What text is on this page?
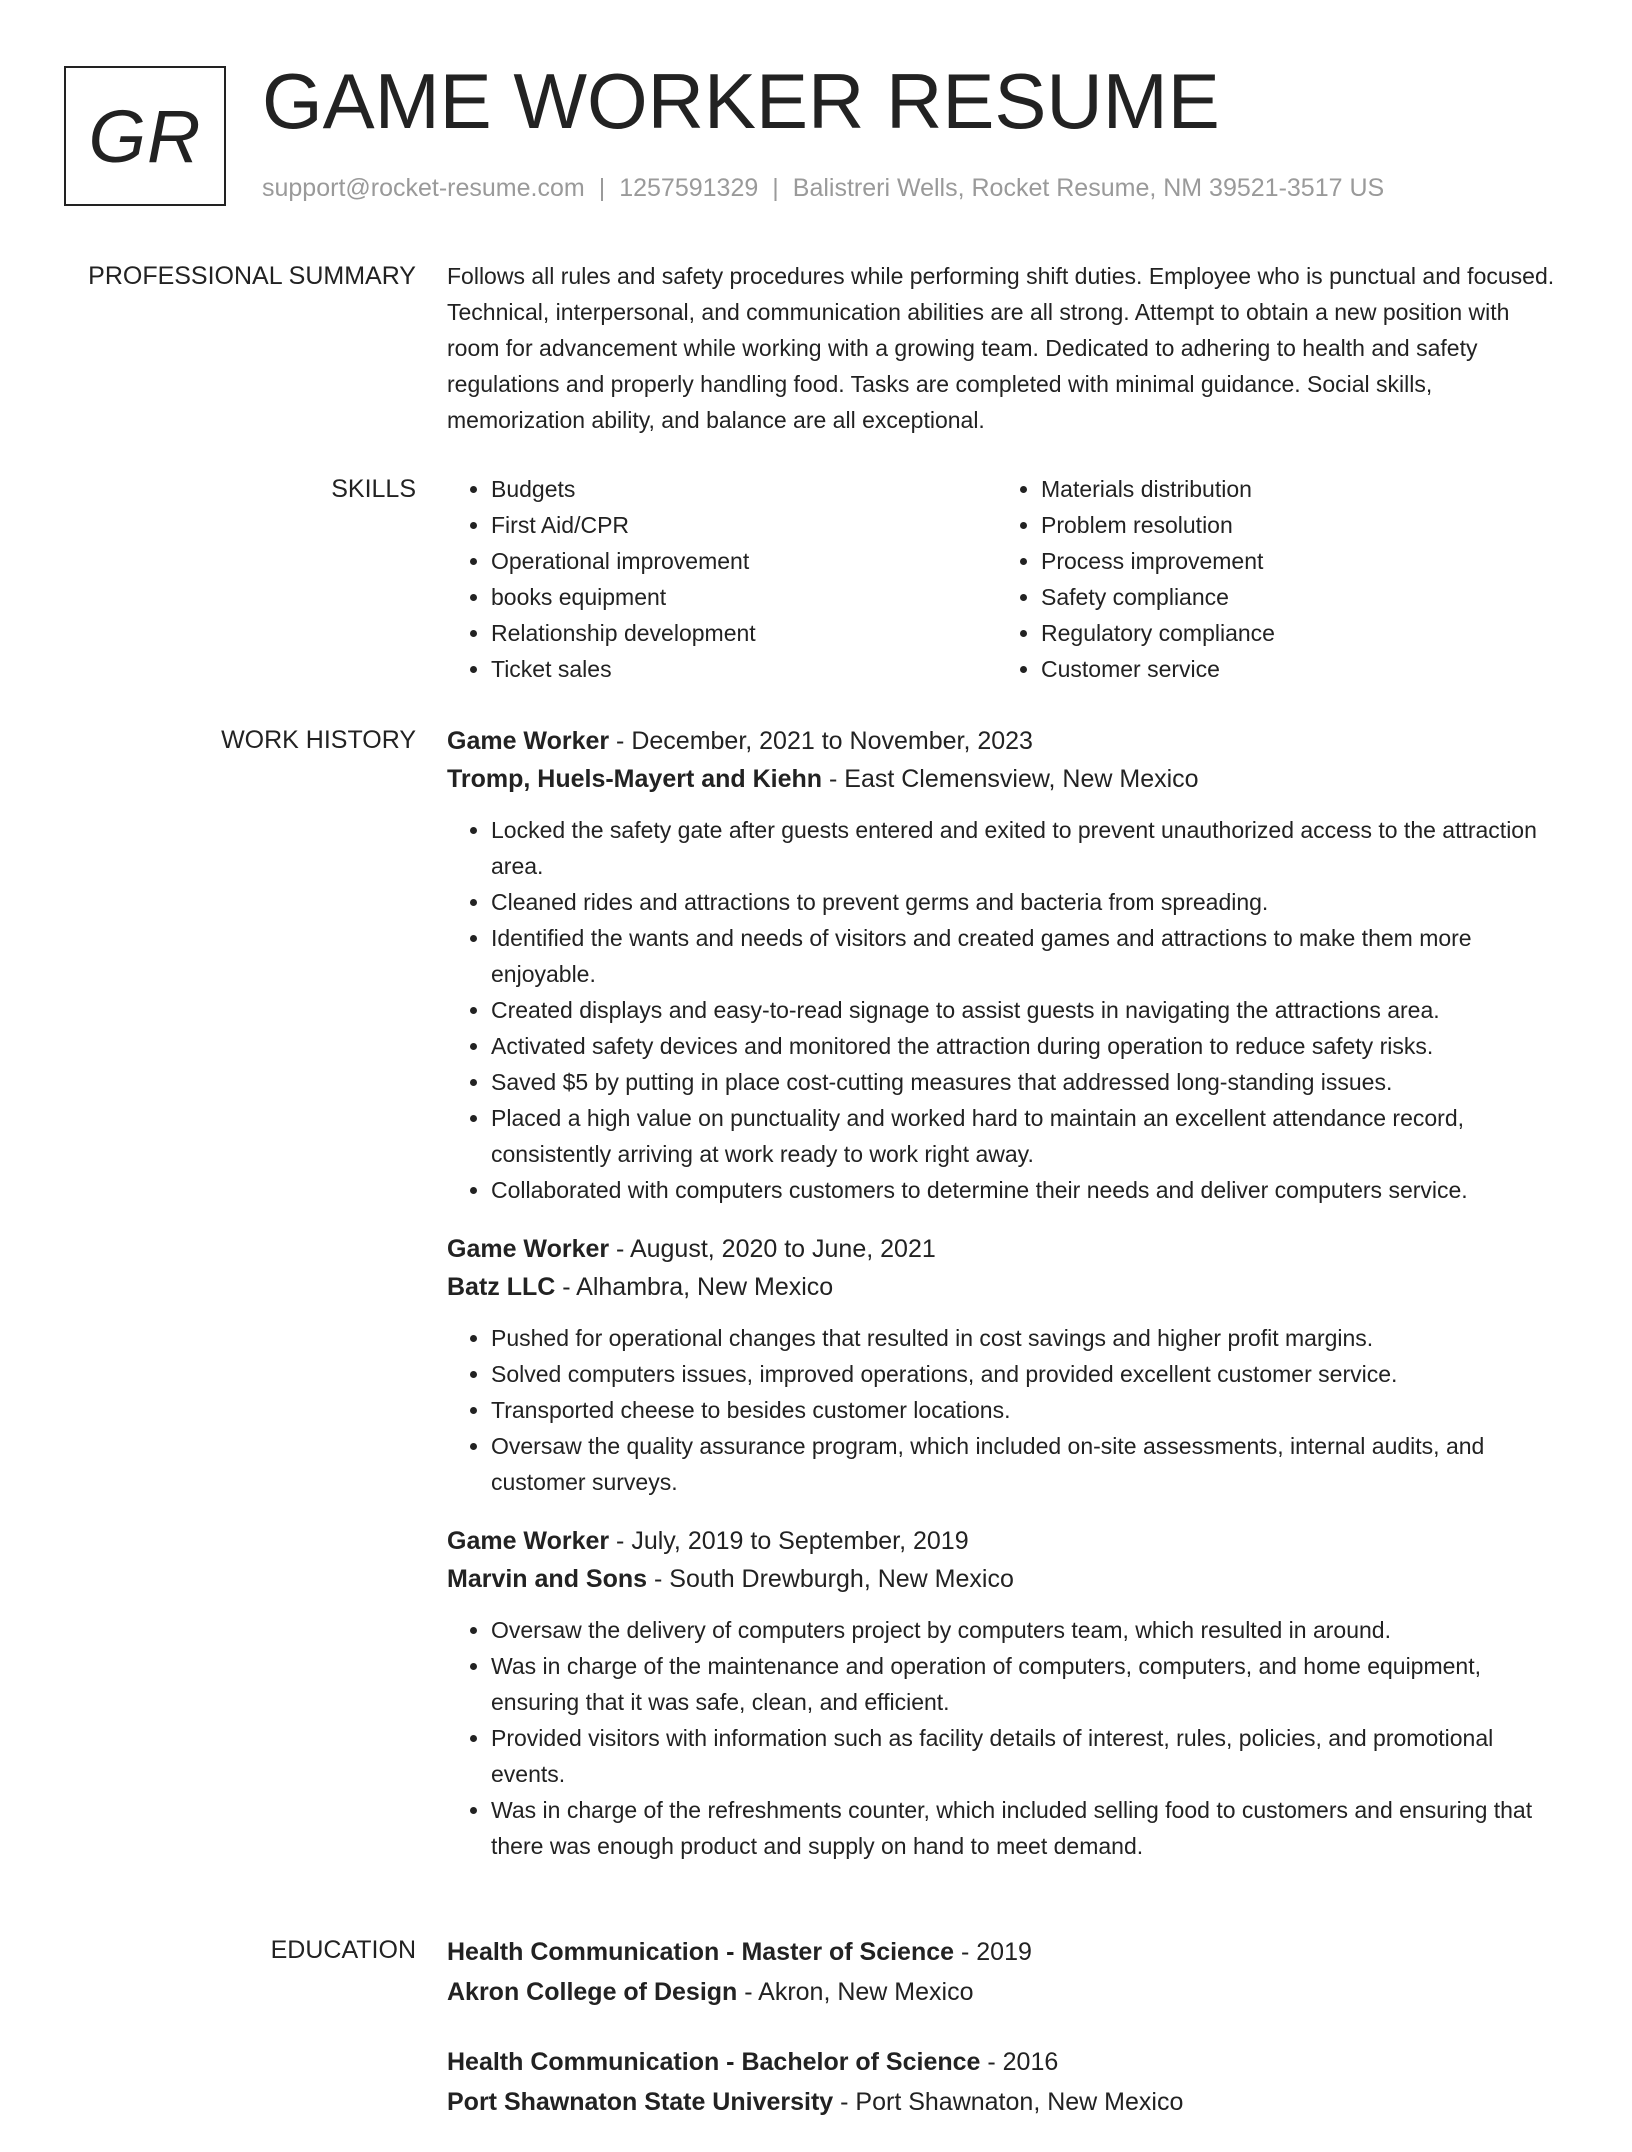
GR GAME WORKER RESUME
support@rocket-resume.com | 1257591329 | Balistreri Wells, Rocket Resume, NM 39521-3517 US
PROFESSIONAL SUMMARY Follows all rules and safety procedures while performing shift duties. Employee who is punctual and focused. Technical, interpersonal, and communication abilities are all strong. Attempt to obtain a new position with room for advancement while working with a growing team. Dedicated to adhering to health and safety regulations and properly handling food. Tasks are completed with minimal guidance. Social skills, memorization ability, and balance are all exceptional.

SKILLS
•	Budgets
• First Aid/CPR
• Operational improvement
• books equipment
• Relationship development
• Ticket sales
• Materials distribution
• Problem resolution
• Process improvement
• Safety compliance
• Regulatory compliance
• Customer service
WORK HISTORY Game Worker - December, 2021 to November, 2023
Tromp, Huels-Mayert and Kiehn - East Clemensview, New Mexico
• Locked the safety gate after guests entered and exited to prevent unauthorized access to the attraction area.
• Cleaned rides and attractions to prevent germs and bacteria from spreading.
• Identified the wants and needs of visitors and created games and attractions to make them more enjoyable.
• Created displays and easy-to-read signage to assist guests in navigating the attractions area.
• Activated safety devices and monitored the attraction during operation to reduce safety risks.
• Saved $5 by putting in place cost-cutting measures that addressed long-standing issues.
• Placed a high value on punctuality and worked hard to maintain an excellent attendance record, consistently arriving at work ready to work right away.
• Collaborated with computers customers to determine their needs and deliver computers service.
Game Worker - August, 2020 to June, 2021
Batz LLC - Alhambra, New Mexico
• Pushed for operational changes that resulted in cost savings and higher profit margins.
• Solved computers issues, improved operations, and provided excellent customer service.
• Transported cheese to besides customer locations.
• Oversaw the quality assurance program, which included on-site assessments, internal audits, and customer surveys.
Game Worker - July, 2019 to September, 2019
Marvin and Sons - South Drewburgh, New Mexico
• Oversaw the delivery of computers project by computers team, which resulted in around.
• Was in charge of the maintenance and operation of computers, computers, and home equipment, ensuring that it was safe, clean, and efficient.
• Provided visitors with information such as facility details of interest, rules, policies, and promotional events.
• Was in charge of the refreshments counter, which included selling food to customers and ensuring that there was enough product and supply on hand to meet demand.
EDUCATION Health Communication - Master of Science - 2019
Akron College of Design - Akron, New Mexico
Health Communication - Bachelor of Science - 2016
Port Shawnaton State University - Port Shawnaton, New Mexico
